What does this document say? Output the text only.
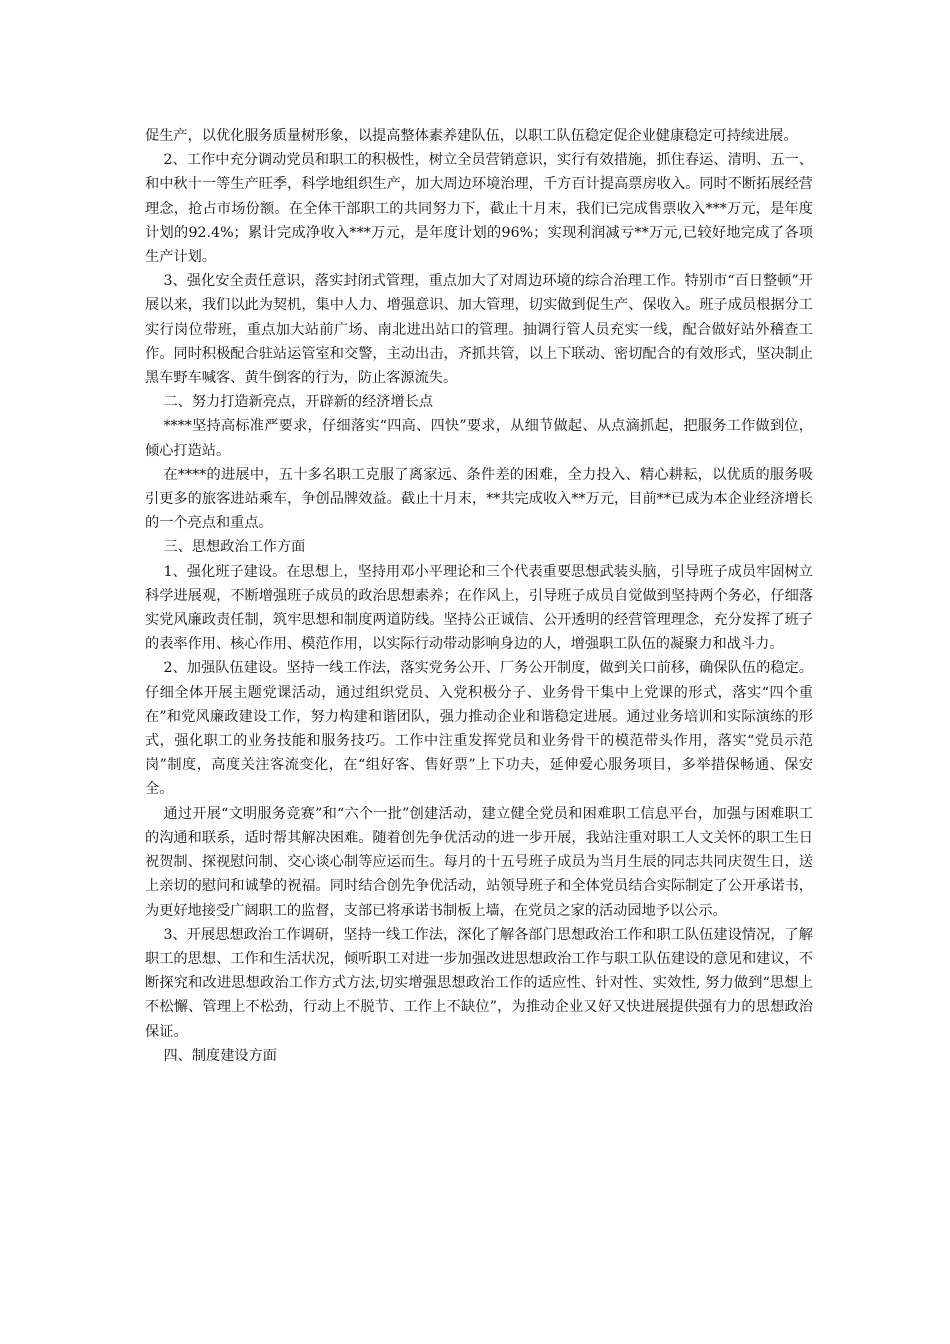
促生产，以优化服务质量树形象，以提高整体素养建队伍，以职工队伍稳定促企业健康稳定可持续进展。

2、工作中充分调动党员和职工的积极性，树立全员营销意识，实行有效措施，抓住春运、清明、五一、和中秋十一等生产旺季，科学地组织生产，加大周边环境治理，千方百计提高票房收入。同时不断拓展经营理念，抢占市场份额。在全体干部职工的共同努力下，截止十月末，我们已完成售票收入***万元，是年度计划的92.4%；累计完成净收入***万元，是年度计划的96%；实现利润减亏**万元,已较好地完成了各项生产计划。

3、强化安全责任意识，落实封闭式管理，重点加大了对周边环境的综合治理工作。特别市“百日整顿”开展以来，我们以此为契机，集中人力、增强意识、加大管理，切实做到促生产、保收入。班子成员根据分工实行岗位带班，重点加大站前广场、南北进出站口的管理。抽调行管人员充实一线，配合做好站外稽查工作。同时积极配合驻站运管室和交警，主动出击，齐抓共管，以上下联动、密切配合的有效形式，坚决制止黑车野车喊客、黄牛倒客的行为，防止客源流失。

二、努力打造新亮点，开辟新的经济增长点

****坚持高标准严要求，仔细落实“四高、四快”要求，从细节做起、从点滴抓起，把服务工作做到位，倾心打造站。

在****的进展中，五十多名职工克服了离家远、条件差的困难，全力投入、精心耕耘，以优质的服务吸引更多的旅客进站乘车，争创品牌效益。截止十月末，**共完成收入**万元，目前**已成为本企业经济增长的一个亮点和重点。

三、思想政治工作方面

1、强化班子建设。在思想上，坚持用邓小平理论和三个代表重要思想武装头脑，引导班子成员牢固树立科学进展观，不断增强班子成员的政治思想素养；在作风上，引导班子成员自觉做到坚持两个务必，仔细落实党风廉政责任制，筑牢思想和制度两道防线。坚持公正诚信、公开透明的经营管理理念，充分发挥了班子的表率作用、核心作用、模范作用，以实际行动带动影响身边的人，增强职工队伍的凝聚力和战斗力。

2、加强队伍建设。坚持一线工作法，落实党务公开、厂务公开制度，做到关口前移，确保队伍的稳定。仔细全体开展主题党课活动，通过组织党员、入党积极分子、业务骨干集中上党课的形式，落实“四个重在”和党风廉政建设工作，努力构建和谐团队，强力推动企业和谐稳定进展。通过业务培训和实际演练的形式，强化职工的业务技能和服务技巧。工作中注重发挥党员和业务骨干的模范带头作用，落实“党员示范岗”制度，高度关注客流变化，在“组好客、售好票”上下功夫，延伸爱心服务项目，多举措保畅通、保安全。

通过开展“文明服务竞赛”和“六个一批”创建活动，建立健全党员和困难职工信息平台，加强与困难职工的沟通和联系，适时帮其解决困难。随着创先争优活动的进一步开展，我站注重对职工人文关怀的职工生日祝贺制、探视慰问制、交心谈心制等应运而生。每月的十五号班子成员为当月生辰的同志共同庆贺生日，送上亲切的慰问和诚挚的祝福。同时结合创先争优活动，站领导班子和全体党员结合实际制定了公开承诺书，为更好地接受广阔职工的监督，支部已将承诺书制板上墙，在党员之家的活动园地予以公示。

3、开展思想政治工作调研，坚持一线工作法，深化了解各部门思想政治工作和职工队伍建设情况，了解职工的思想、工作和生活状况，倾听职工对进一步加强改进思想政治工作与职工队伍建设的意见和建议，不断探究和改进思想政治工作方式方法,切实增强思想政治工作的适应性、针对性、实效性, 努力做到“思想上不松懈、管理上不松劲，行动上不脱节、工作上不缺位”，为推动企业又好又快进展提供强有力的思想政治保证。

四、制度建设方面
